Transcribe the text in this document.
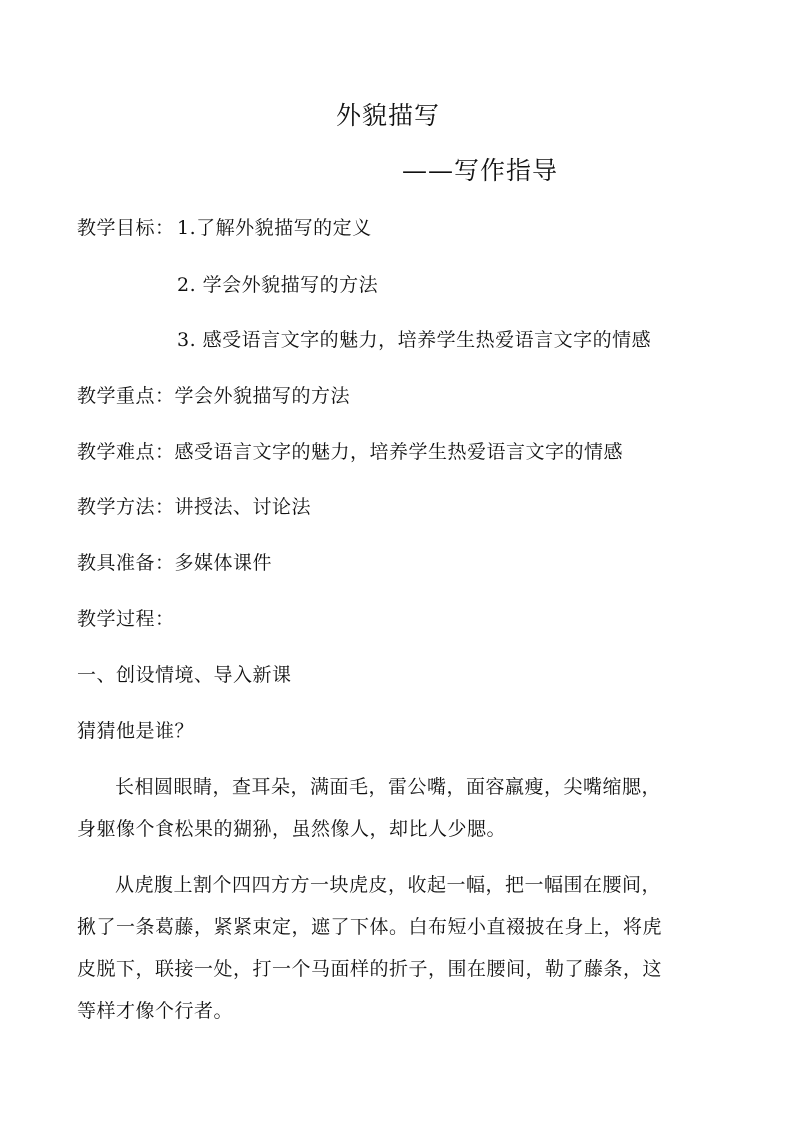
外貌描写
——写作指导
教学目标： 1.了解外貌描写的定义
2. 学会外貌描写的方法
3. 感受语言文字的魅力，培养学生热爱语言文字的情感
教学重点：学会外貌描写的方法
教学难点：感受语言文字的魅力，培养学生热爱语言文字的情感
教学方法：讲授法、讨论法
教具准备：多媒体课件
教学过程：
一、创设情境、导入新课
猜猜他是谁？
长相圆眼睛，查耳朵，满面毛，雷公嘴，面容羸瘦，尖嘴缩腮，
身躯像个食松果的猢狲，虽然像人，却比人少腮。
从虎腹上割个四四方方一块虎皮，收起一幅，把一幅围在腰间，
揪了一条葛藤，紧紧束定，遮了下体。白布短小直裰披在身上，将虎
皮脱下，联接一处，打一个马面样的折子，围在腰间，勒了藤条，这
等样才像个行者。
